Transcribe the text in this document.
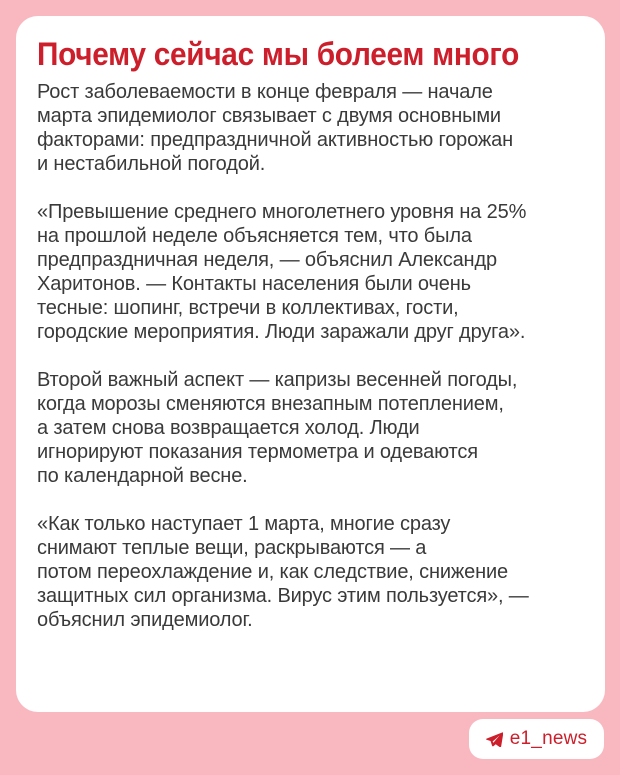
Почему сейчас мы болеем много

Рост заболеваемости в конце февраля — начале
марта эпидемиолог связывает с двумя основными
факторами: предпраздничной активностью горожан
и нестабильной погодой.

«Превышение среднего многолетнего уровня на 25%
на прошлой неделе объясняется тем, что была
предпраздничная неделя, — объяснил Александр
Харитонов. — Контакты населения были очень
тесные: шопинг, встречи в коллективах, гости,
городские мероприятия. Люди заражали друг друга».

Второй важный аспект — капризы весенней погоды,
когда морозы сменяются внезапным потеплением,
а затем снова возвращается холод. Люди
игнорируют показания термометра и одеваются
по календарной весне.

«Как только наступает 1 марта, многие сразу
снимают теплые вещи, раскрываются — а
потом переохлаждение и, как следствие, снижение
защитных сил организма. Вирус этим пользуется», —
объяснил эпидемиолог.

e1_news
